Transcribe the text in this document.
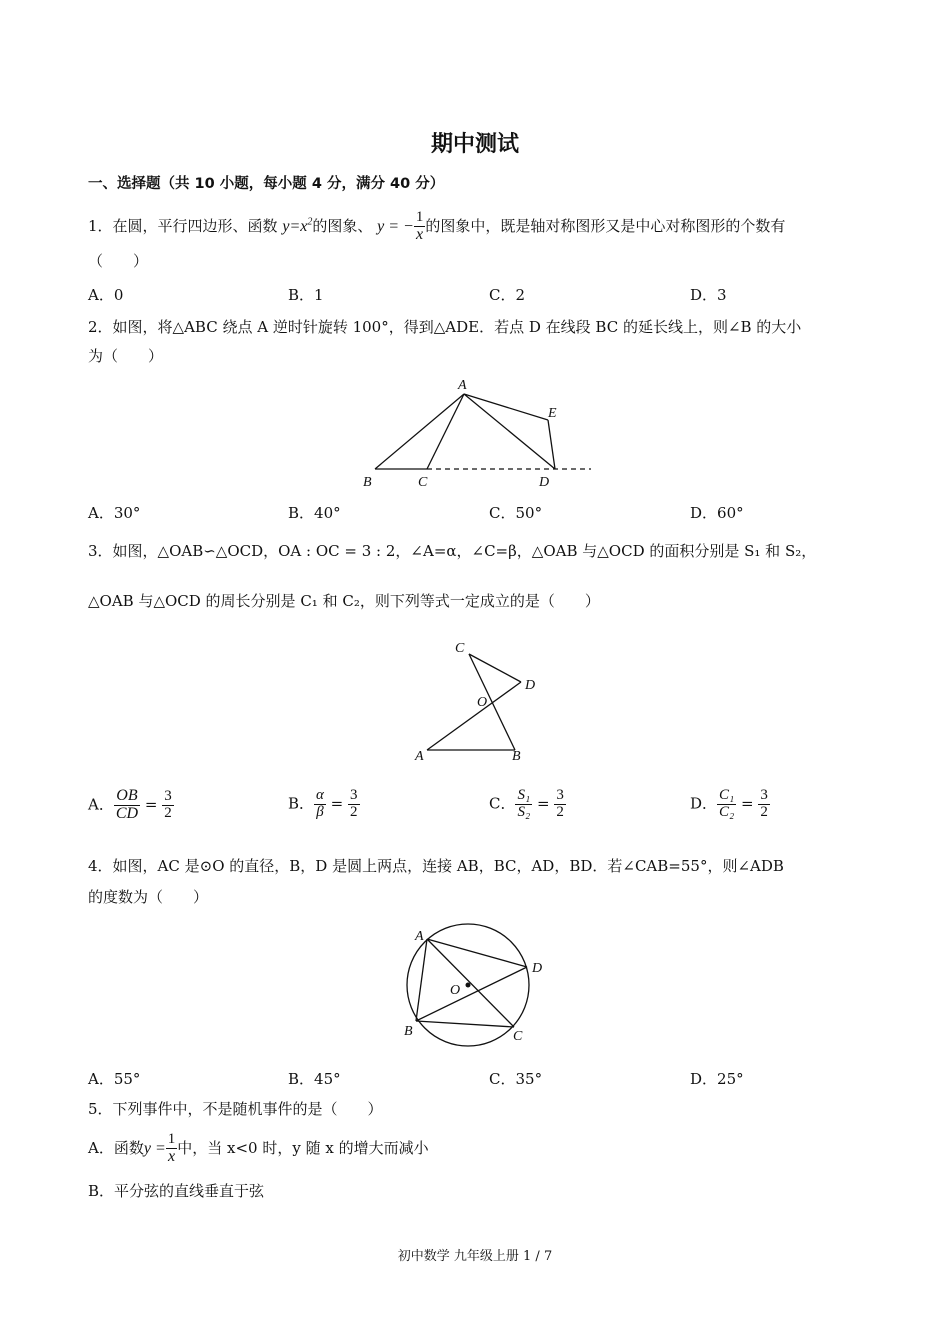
期中测试
一、选择题（共 10 小题，每小题 4 分，满分 40 分）
1．在圆，平行四边形、函数 $y=x^2$的图象、 y = − $\frac{1}{x}$ 的图象中，既是轴对称图形又是中心对称图形的个数有
（　　）
A．0	B．1	C．2	D．3
2．如图，将△ABC 绕点 A 逆时针旋转 100°，得到△ADE．若点 D 在线段 BC 的延长线上，则∠B 的大小
为（　　）
A
B	C	D
E
A．30°	B．40°	C．50°	D．60°
3．如图，△OAB∽△OCD，OA : OC = 3 : 2，∠A=α，∠C=β，△OAB 与△OCD 的面积分别是 S₁ 和 S₂，
△OAB 与△OCD 的周长分别是 C₁ 和 C₂，则下列等式一定成立的是（　　）
C
D
O
A	B
A． $\frac{OB}{CD} = \frac{3}{2}$	B． $\frac{\alpha}{\beta} = \frac{3}{2}$	C． $\frac{\text{S₁}}{\text{S₂}} = \frac{3}{2}$	D． $\frac{\text{C₁}}{\text{C₂}} = \frac{3}{2}$
4．如图，AC 是⊙O 的直径，B，D 是圆上两点，连接 AB，BC，AD，BD．若∠CAB=55°，则∠ADB
的度数为（　　）
A
D
O
B	C
A．55°	B．45°	C．35°	D．25°
5．下列事件中，不是随机事件的是（　　）
A．函数$y = \frac{1}{x}$ 中，当 x<0 时，y 随 x 的增大而减小
B．平分弦的直线垂直于弦
初中数学 九年级上册 1 / 7
